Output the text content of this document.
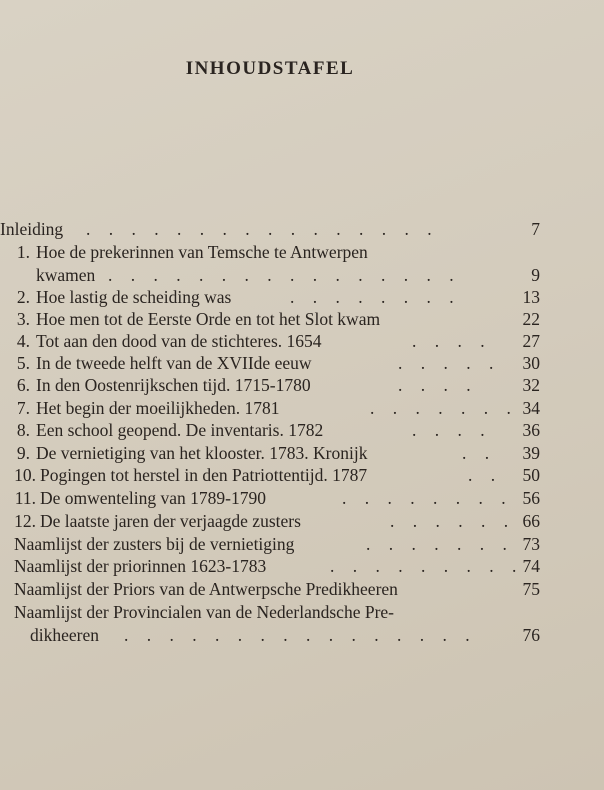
INHOUDSTAFEL
Inleiding . . . . . . . . . . . . . . . .	7
1. Hoe de prekerinnen van Temsche te Antwerpen
kwamen . . . . . . . . . . . . . . . .	9
2. Hoe lastig de scheiding was	. . . . . . . .	13
3. Hoe men tot de Eerste Orde en tot het Slot kwam	22
4. Tot aan den dood van de stichteres. 1654	. . . .	27
5. In de tweede helft van de XVIIde eeuw	. . . . .	30
6. In den Oostenrijkschen tijd. 1715-1780	. . . .	32
7. Het begin der moeilijkheden. 1781	. . . . . . . 34
8. Een school geopend. De inventaris. 1782	. . . .	36
9. De vernietiging van het klooster. 1783. Kronijk	. .	39
10. Pogingen tot herstel in den Patriottentijd. 1787	. .	50
11. De omwenteling van 1789-1790	. . . . . . . . 56
12. De laatste jaren der verjaagde zusters	. . . . . . 66
Naamlijst der zusters bij de vernietiging	. . . . . . . 73
Naamlijst der priorinnen 1623-1783	. . . . . . . . . 74
Naamlijst der Priors van de Antwerpsche Predikheeren	75
Naamlijst der Provincialen van de Nederlandsche Pre-
dikheeren . . . . . . . . . . . . . . . .	76
